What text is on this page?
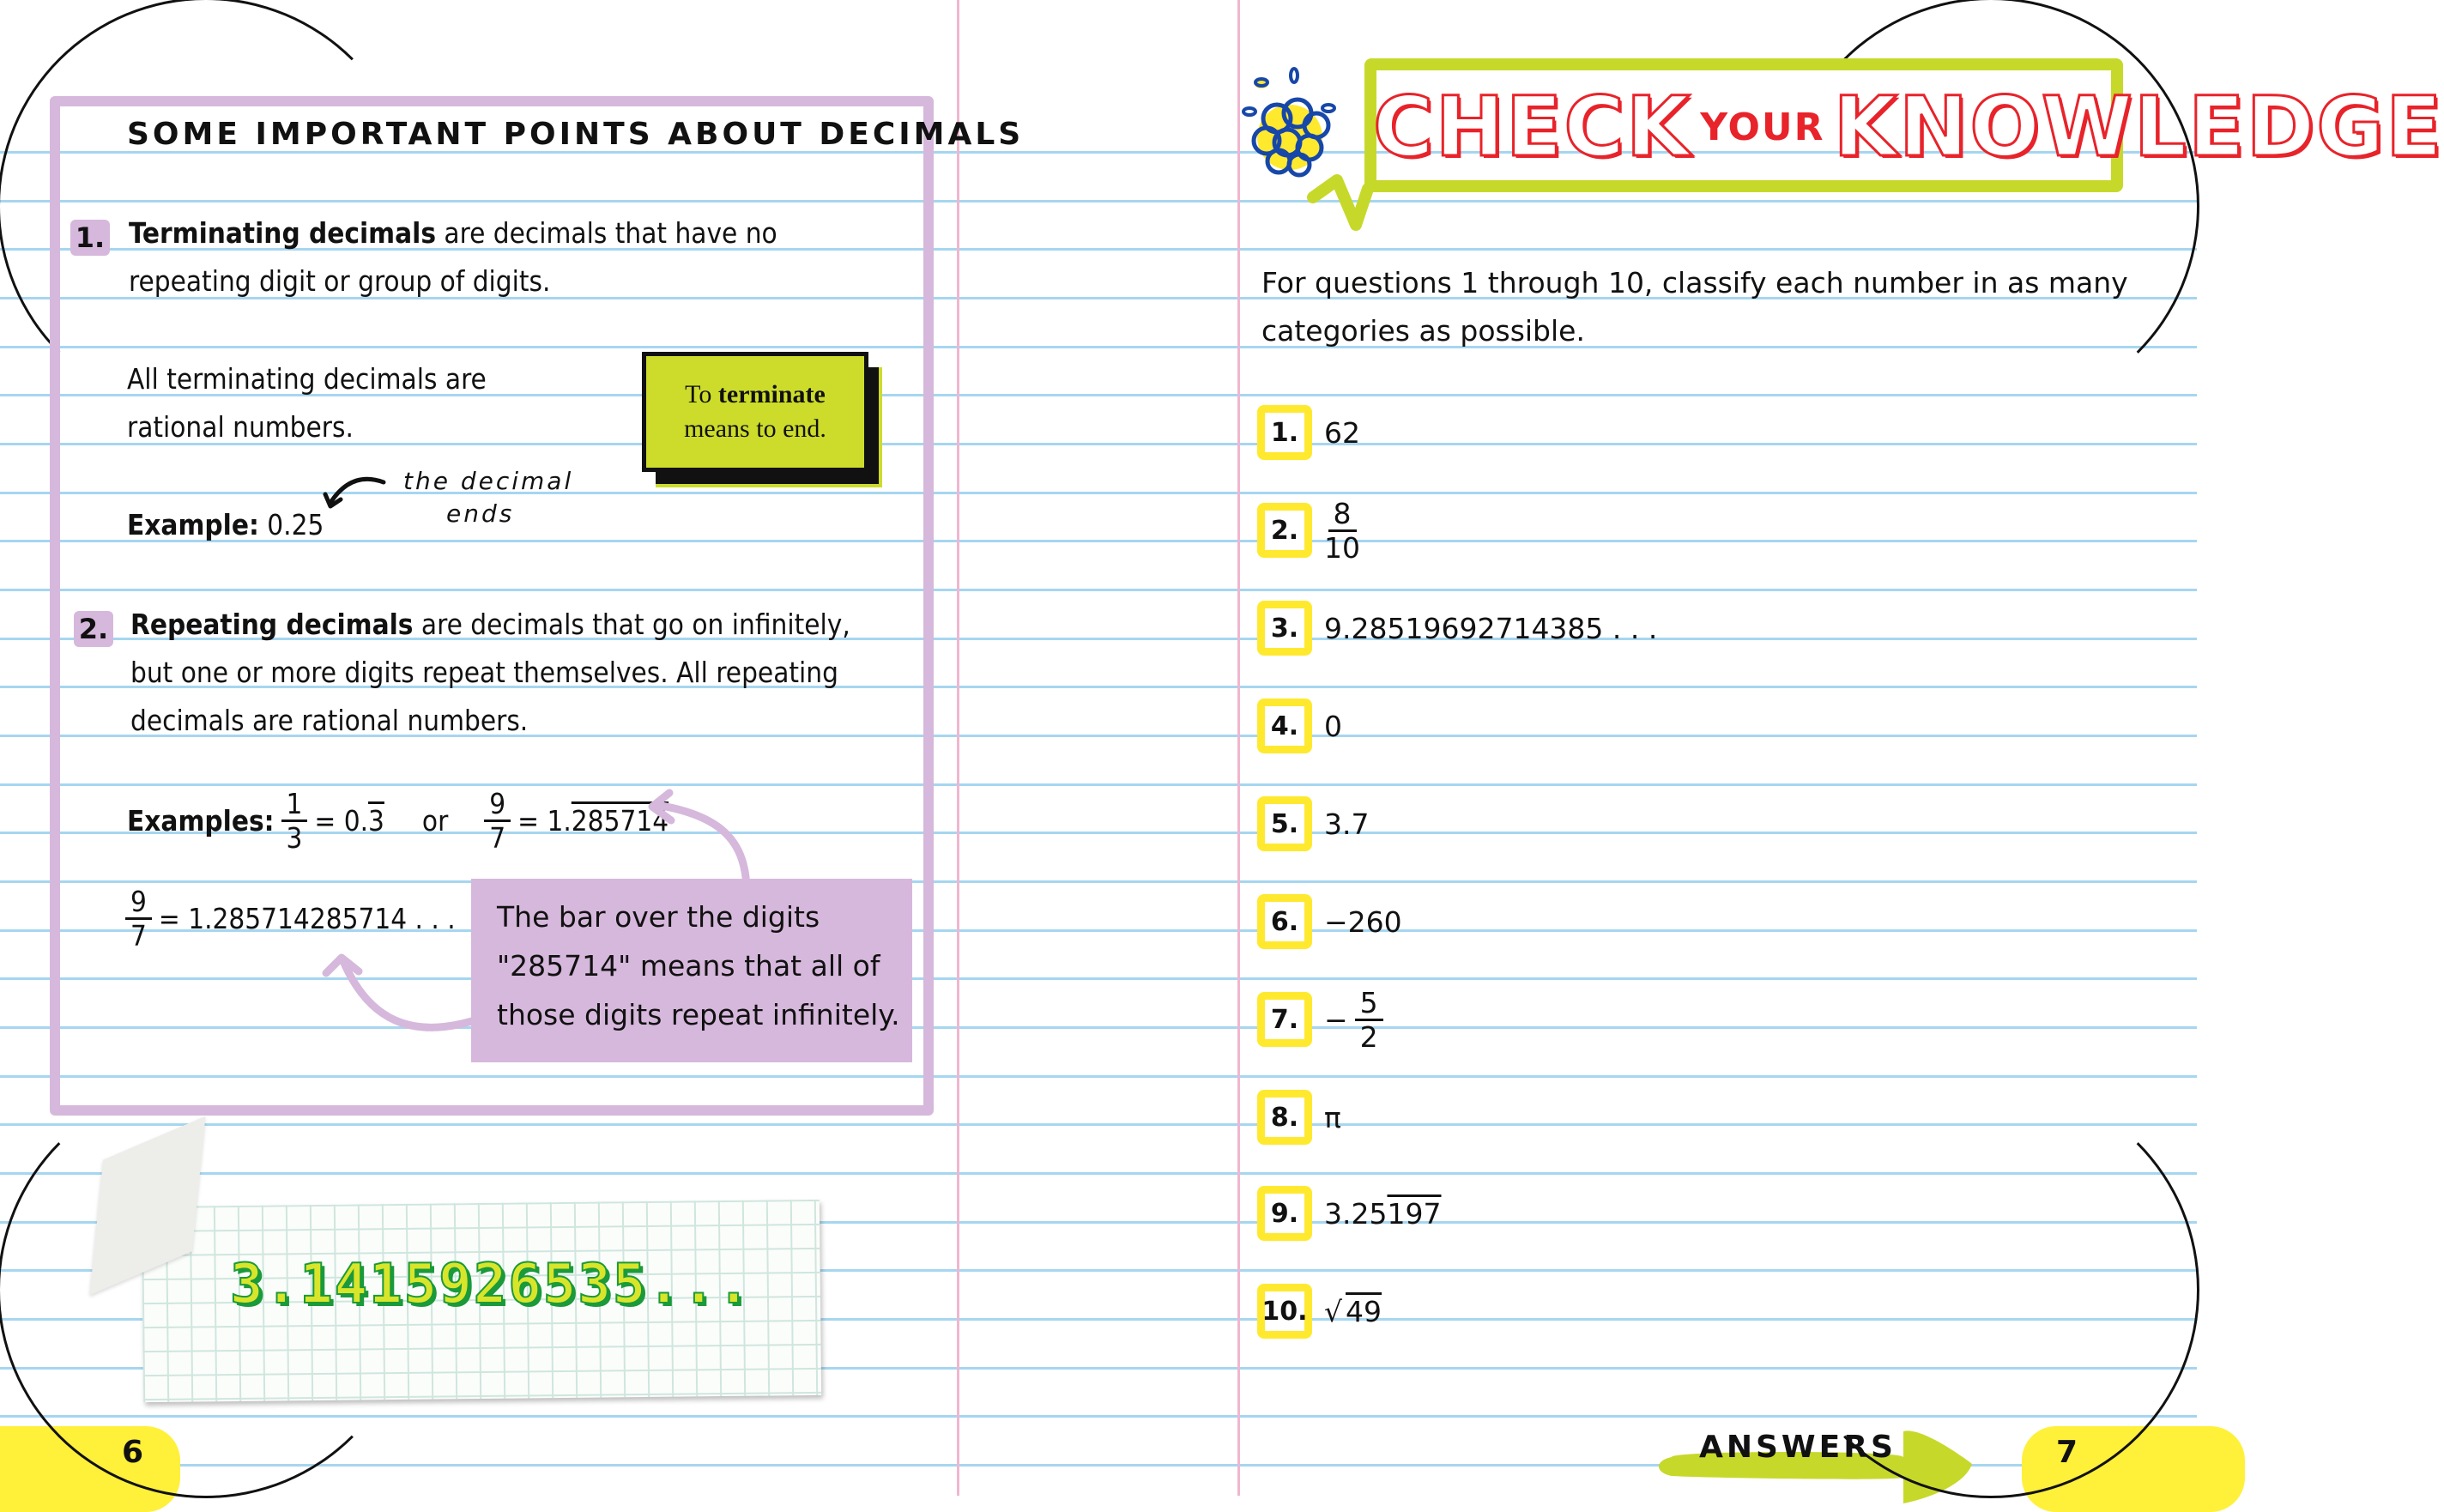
SOME IMPORTANT POINTS ABOUT DECIMALS
1. Terminating decimals are decimals that have no
repeating digit or group of digits.
All terminating decimals are
rational numbers.
Example: 0.25
the decimal
ends
To terminate
means to end.
2. Repeating decimals are decimals that go on infinitely,
but one or more digits repeat themselves. All repeating
decimals are rational numbers.
Examples: $\frac{1}{3} = 0$. 3 or $\frac{9}{7} = 1$. 285714
$\frac{9}{7} = 1.285714285714$ . . . The bar over the digits
"285714" means that all of
those digits repeat infinitely.
3.1415926535...
6
CHECK YOUR KNOWLEDGE
For questions 1 through 10, classify each number in as many
categories as possible.
1. 62
2. $\frac{8}{10}$
3. 9.28519692714385 . . .
4. 0
5. 3.7
6. −260
7. − $\frac{5}{2}$
8. π
9. 3.25197
10. √ 49
ANSWERS	7
